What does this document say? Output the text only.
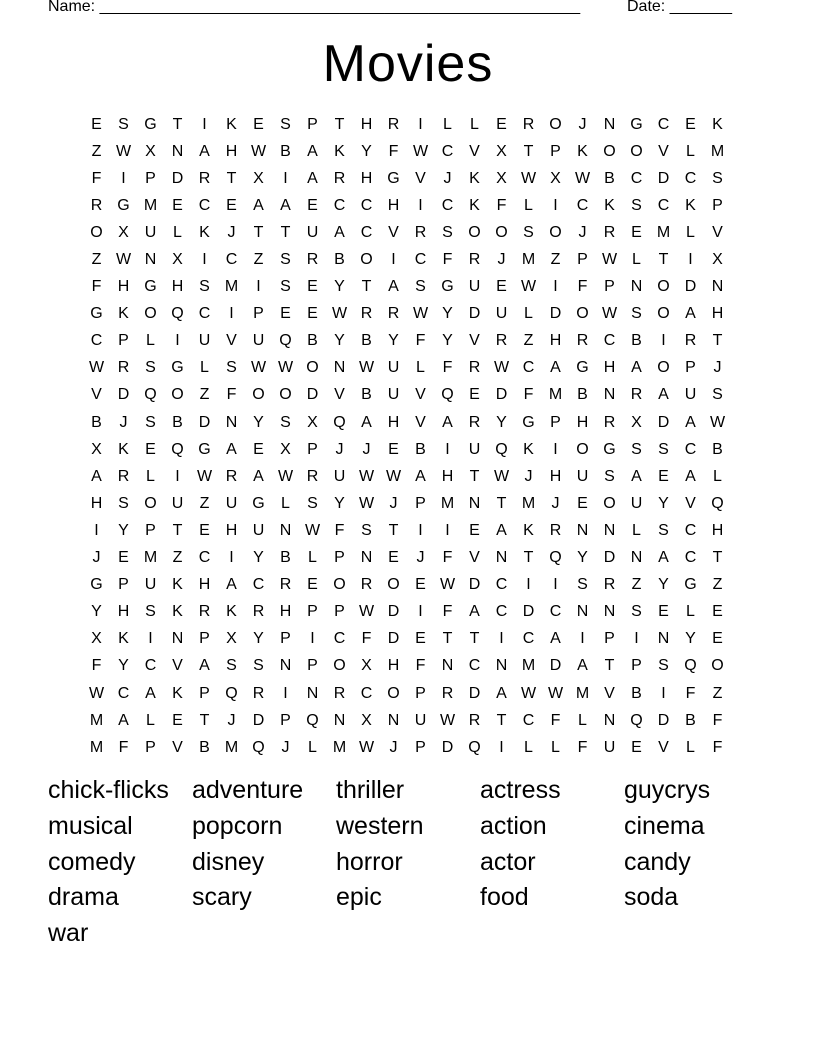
Name: ______________________________________________________	Date: _______
Movies
E	S G T	I	K	E	S	P	T	H R	I	L	L	E R O	J	N G C E	K
Z W X N A H W B	A	K	Y	F W C V	X	T	P	K O O V	L M
F	I	P D R	T	X	I	A R H G V	J	K	X W X W B C D C S
R G M E C E	A	A	E C C H	I	C K	F	L	I	C K	S C K	P
O X U	L	K	J	T	T	U A C V R S O O S O	J	R E M L	V
Z W N X	I	C	Z	S R B O	I	C	F	R	J	M Z	P W L	T	I	X
F	H G H S M	I	S	E	Y	T	A	S G U E W	I	F	P N O D N
G K O Q C	I	P	E	E W R R W Y D U	L	D O W S O A H
C P	L	I	U V U Q B	Y	B	Y	F	Y	V R	Z	H R C B	I	R	T
W R S G	L	S W W O N W U	L	F	R W C A G H A O P	J
V D Q O Z	F O O D V	B U V Q E D	F M B N R A U S
B	J	S	B D N Y	S	X Q A H V	A R Y G P H R X D A W
X	K	E Q G A	E	X	P	J	J	E	B	I	U Q K	I	O G S	S C B
A R	L	I	W R A W R U W W A H	T W J	H U S	A	E	A	L
H S O U	Z	U G	L	S	Y W J	P M N	T M	J	E O U Y	V Q
I	Y	P	T	E H U N W F	S	T	I	I	E	A	K R N N	L	S C H
J	E M Z	C	I	Y	B	L	P N E	J	F	V N	T Q Y D N A C	T
G P U K H A C R E O R O E W D C	I	I	S R	Z	Y G Z
Y H S	K R K R H P	P W D	I	F	A C D C N N S	E	L	E
X	K	I	N P	X	Y	P	I	C	F	D E	T	T	I	C A	I	P	I	N Y	E
F	Y C V	A	S	S N P O X H	F	N C N M D A	T	P	S Q O
W C A	K	P Q R	I	N R C O P R D A W W M V	B	I	F	Z
M A	L	E	T	J	D P Q N X N U W R	T	C	F	L	N Q D B	F
M F	P	V	B M Q	J	L M W J	P D Q	I	L	L	F	U E	V	L	F
chick-flicks adventure	thriller	actress	guycrys
musical	popcorn	western	action	cinema
comedy	disney	horror	actor	candy
drama	scary	epic	food	soda
war
